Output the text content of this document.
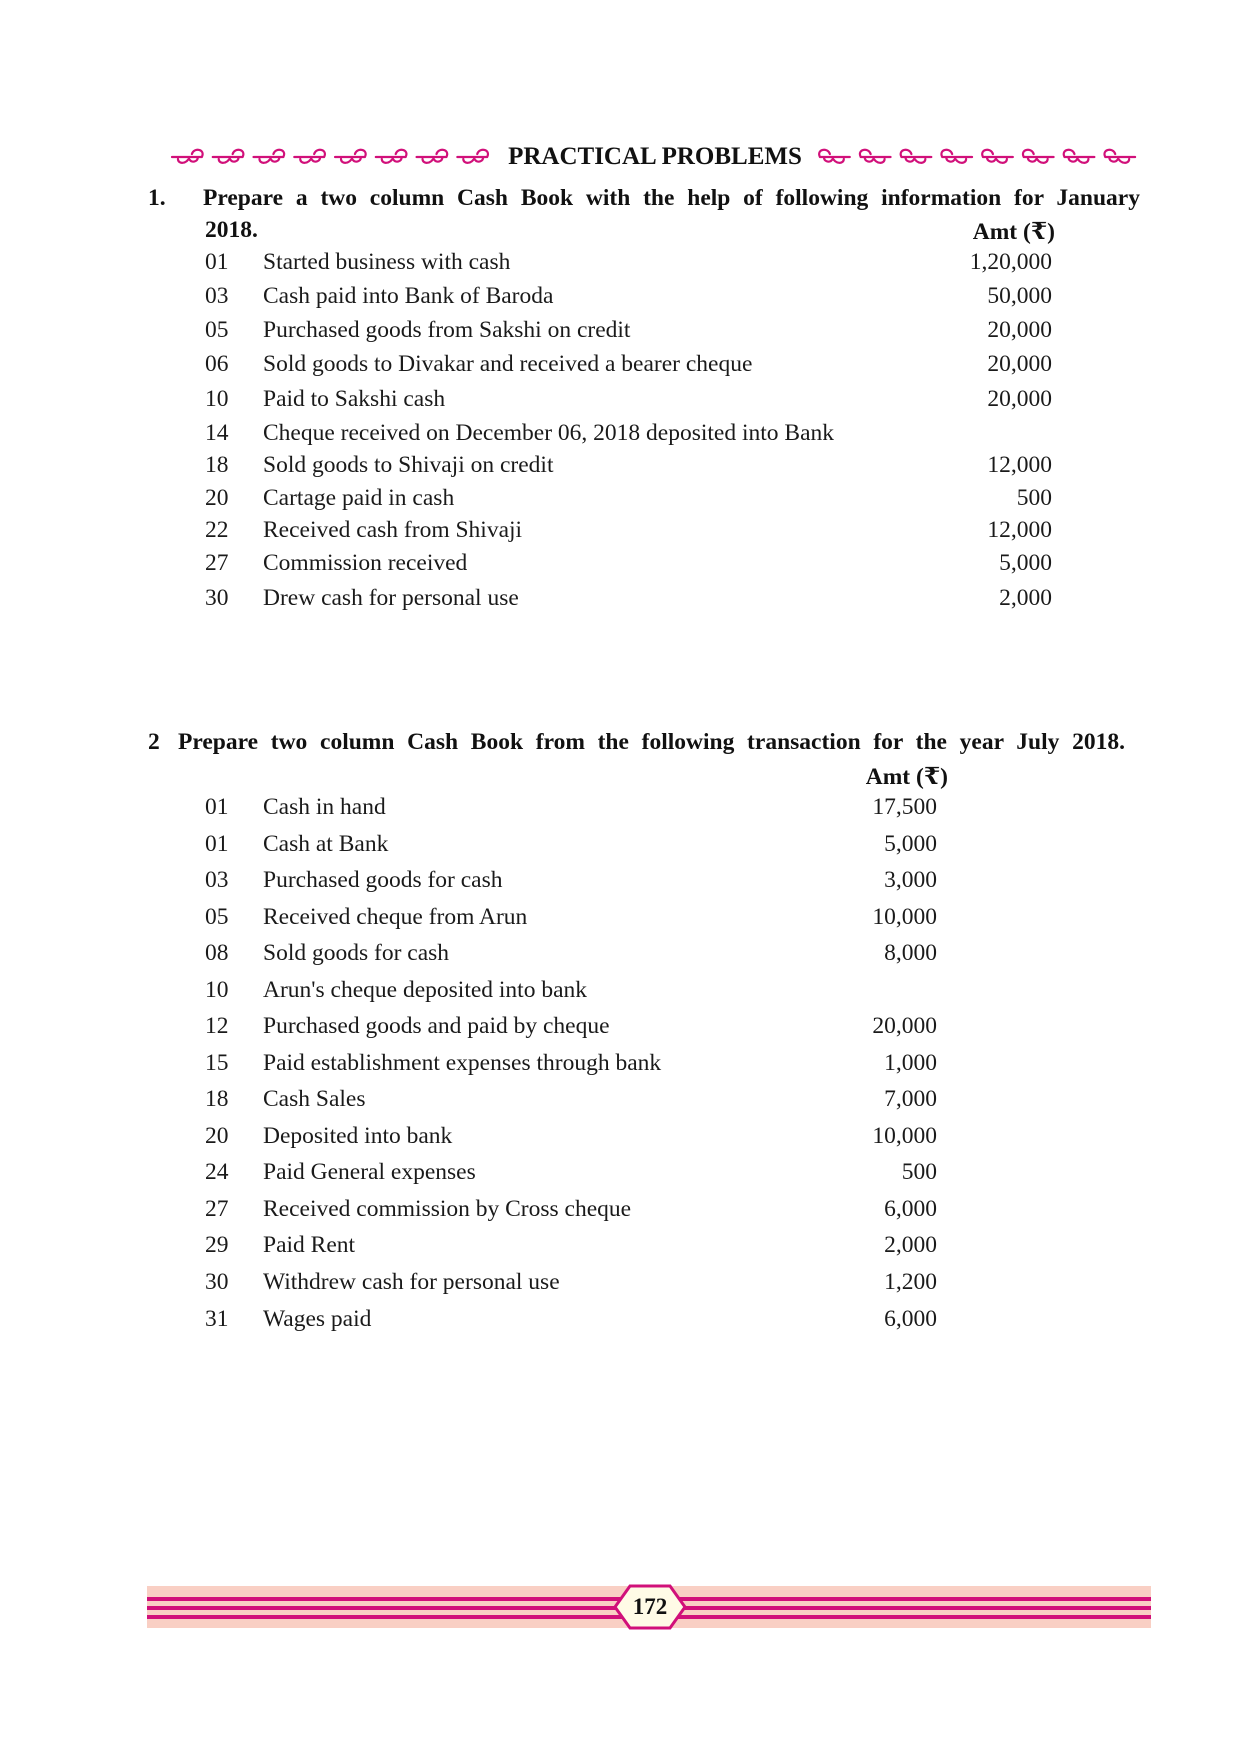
PRACTICAL PROBLEMS
1. Prepare a two column Cash Book with the help of following information for January
2018.	Amt (₹)
01	Started business with cash	1,20,000
03	Cash paid into Bank of Baroda	50,000
05	Purchased goods from Sakshi on credit	20,000
06	Sold goods to Divakar and received a bearer cheque	20,000
10	Paid to Sakshi cash	20,000
14	Cheque received on December 06, 2018 deposited into Bank
18	Sold goods to Shivaji on credit	12,000
20	Cartage paid in cash	500
22	Received cash from Shivaji	12,000
27	Commission received	5,000
30	Drew cash for personal use	2,000
2 Prepare two column Cash Book from the following transaction for the year July 2018.
Amt (₹)
01	Cash in hand	17,500
01	Cash at Bank	5,000
03	Purchased goods for cash	3,000
05	Received cheque from Arun	10,000
08	Sold goods for cash	8,000
10	Arun's cheque deposited into bank
12	Purchased goods and paid by cheque	20,000
15	Paid establishment expenses through bank	1,000
18	Cash Sales	7,000
20	Deposited into bank	10,000
24	Paid General expenses	500
27	Received commission by Cross cheque	6,000
29	Paid Rent	2,000
30	Withdrew cash for personal use	1,200
31	Wages paid	6,000
172
